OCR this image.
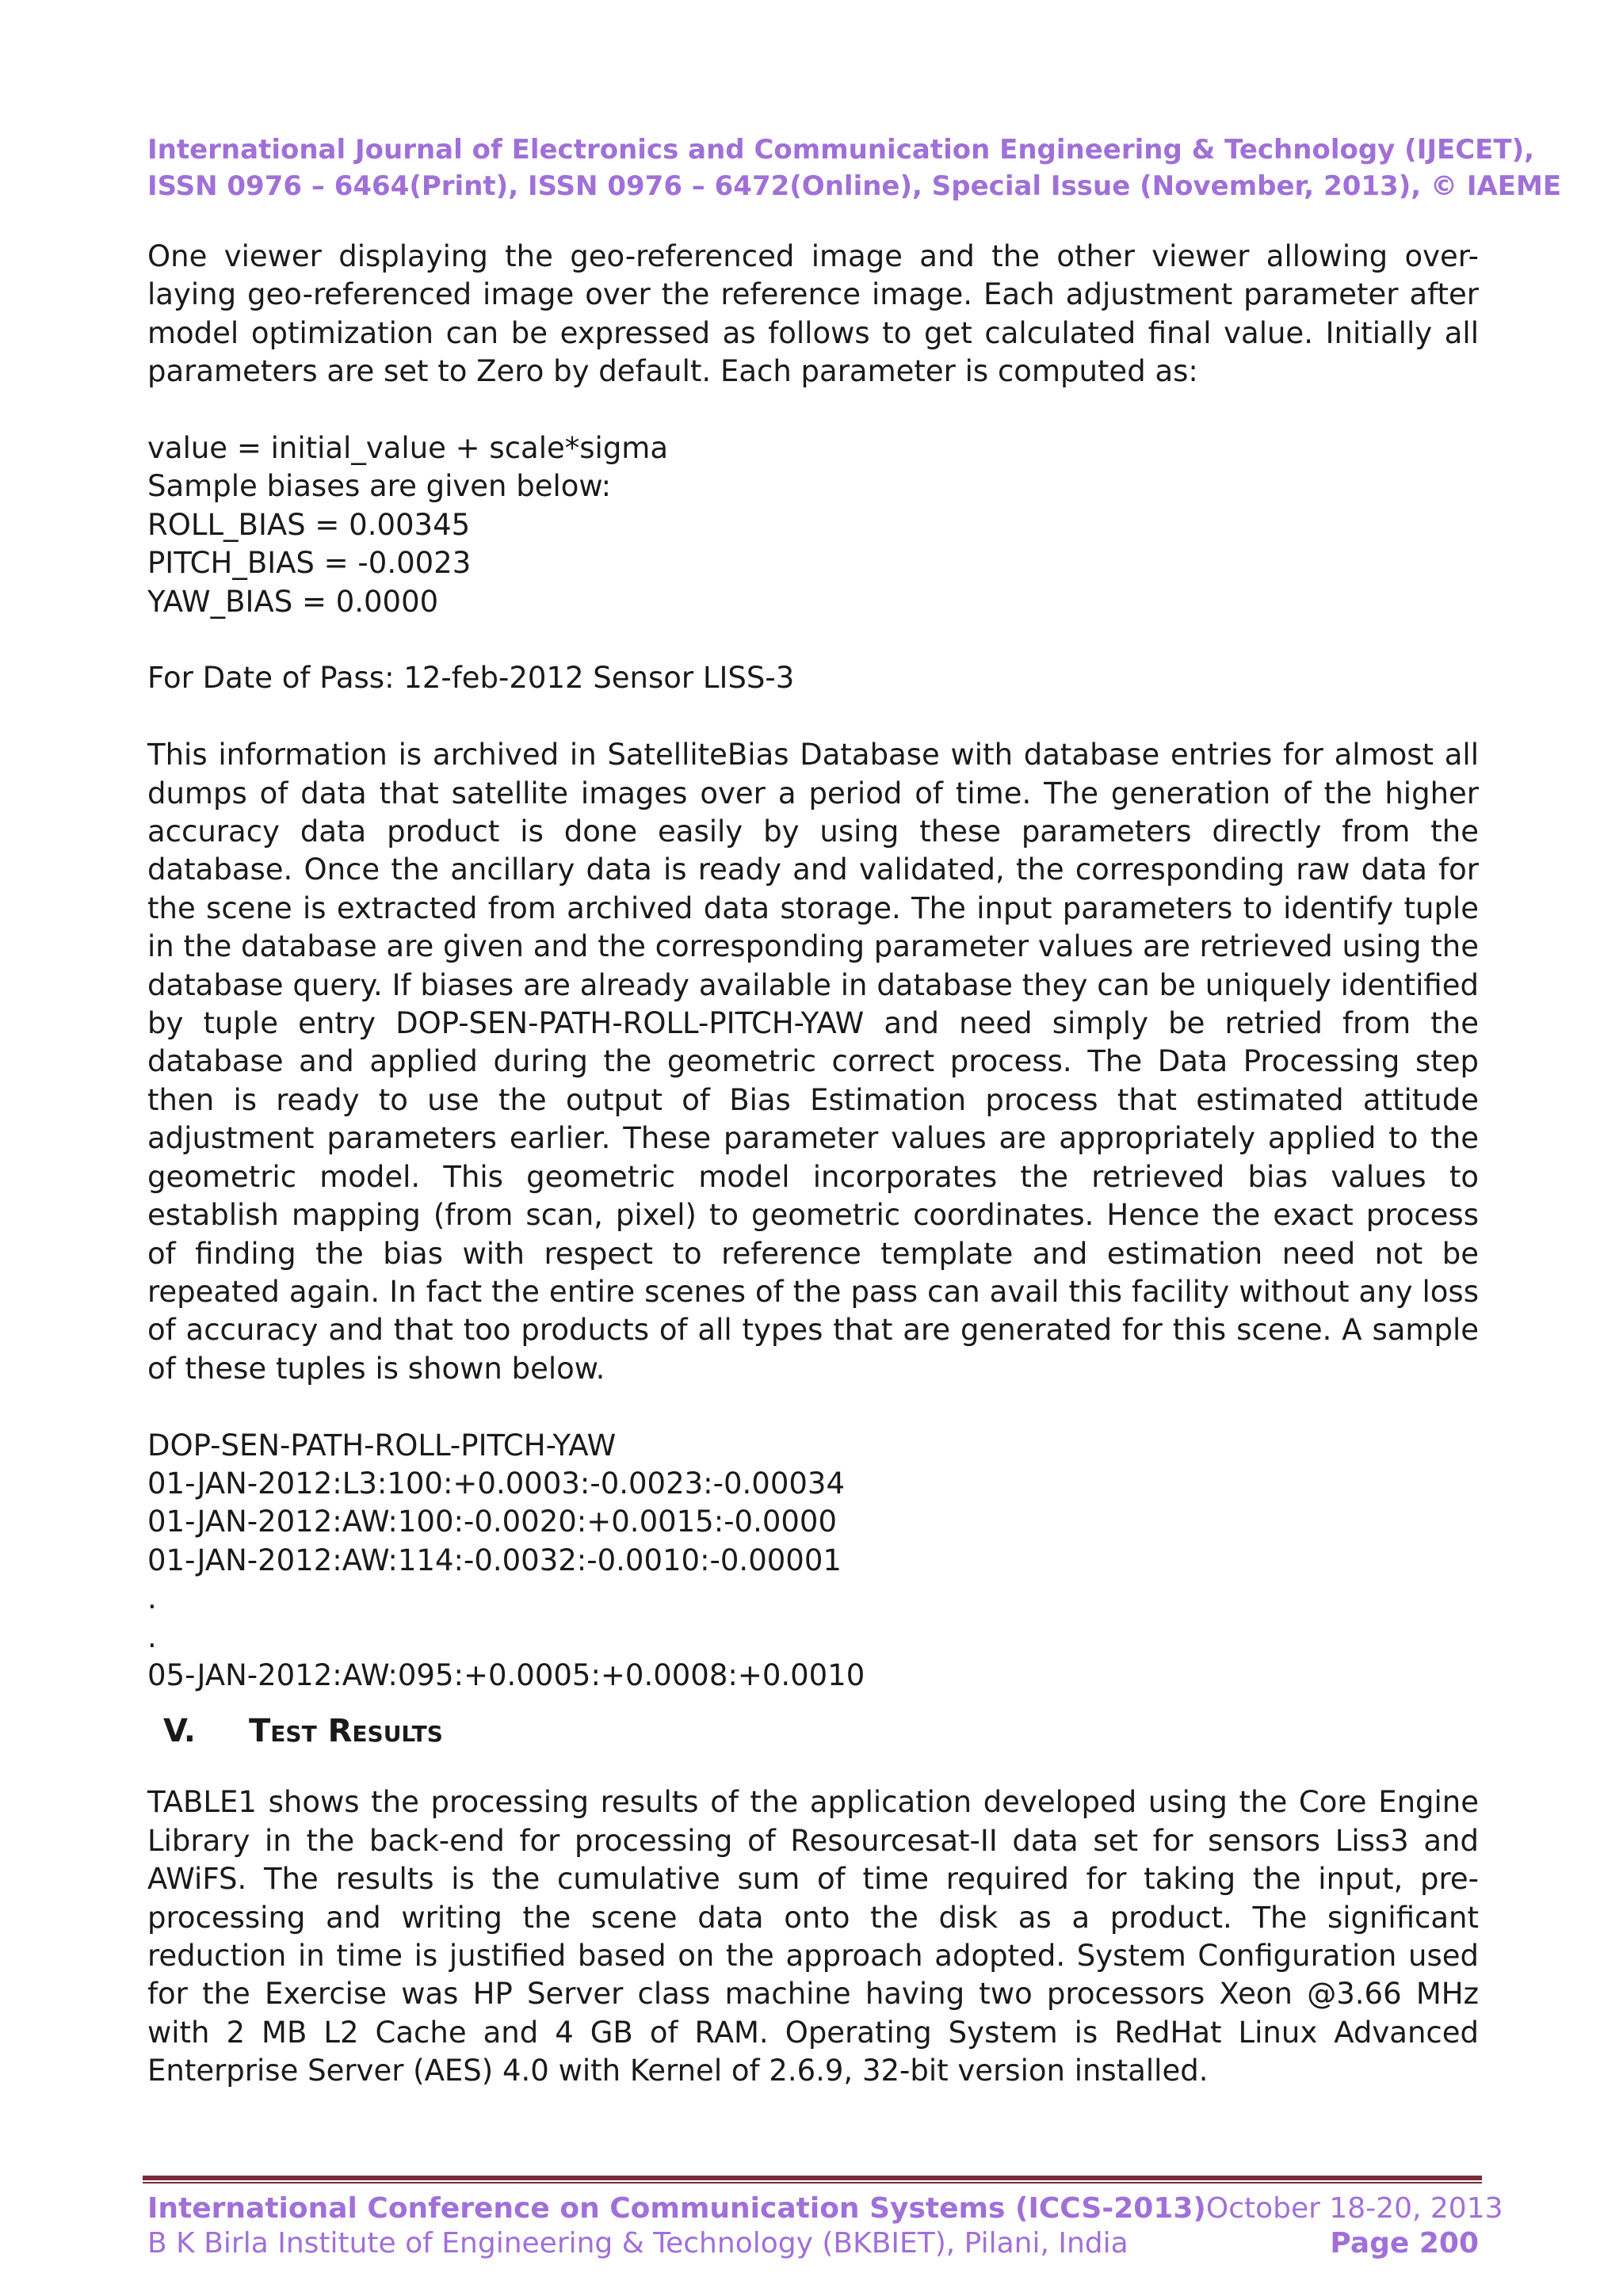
International Journal of Electronics and Communication Engineering & Technology (IJECET),
ISSN 0976 – 6464(Print), ISSN 0976 – 6472(Online), Special Issue (November, 2013), © IAEME

One viewer displaying the geo-referenced image and the other viewer allowing over-laying geo-referenced image over the reference image. Each adjustment parameter after model optimization can be expressed as follows to get calculated final value. Initially all parameters are set to Zero by default. Each parameter is computed as:

value = initial_value + scale*sigma

Sample biases are given below:

ROLL_BIAS = 0.00345

PITCH_BIAS = -0.0023

YAW_BIAS = 0.0000

For Date of Pass: 12-feb-2012 Sensor LISS-3

This information is archived in SatelliteBias Database with database entries for almost all dumps of data that satellite images over a period of time. The generation of the higher accuracy data product is done easily by using these parameters directly from the database. Once the ancillary data is ready and validated, the corresponding raw data for the scene is extracted from archived data storage. The input parameters to identify tuple in the database are given and the corresponding parameter values are retrieved using the database query. If biases are already available in database they can be uniquely identified by tuple entry DOP-SEN-PATH-ROLL-PITCH-YAW and need simply be retried from the database and applied during the geometric correct process. The Data Processing step then is ready to use the output of Bias Estimation process that estimated attitude adjustment parameters earlier. These parameter values are appropriately applied to the geometric model. This geometric model incorporates the retrieved bias values to establish mapping (from scan, pixel) to geometric coordinates. Hence the exact process of finding the bias with respect to reference template and estimation need not be repeated again. In fact the entire scenes of the pass can avail this facility without any loss of accuracy and that too products of all types that are generated for this scene. A sample of these tuples is shown below.

DOP-SEN-PATH-ROLL-PITCH-YAW

01-JAN-2012:L3:100:+0.0003:-0.0023:-0.00034

01-JAN-2012:AW:100:-0.0020:+0.0015:-0.0000

01-JAN-2012:AW:114:-0.0032:-0.0010:-0.00001

.

.

05-JAN-2012:AW:095:+0.0005:+0.0008:+0.0010

V.	Test Results

TABLE1 shows the processing results of the application developed using the Core Engine Library in the back-end for processing of Resourcesat-II data set for sensors Liss3 and AWiFS. The results is the cumulative sum of time required for taking the input, pre-processing and writing the scene data onto the disk as a product. The significant reduction in time is justified based on the approach adopted. System Configuration used for the Exercise was HP Server class machine having two processors Xeon @3.66 MHz with 2 MB L2 Cache and 4 GB of RAM. Operating System is RedHat Linux Advanced Enterprise Server (AES) 4.0 with Kernel of 2.6.9, 32-bit version installed.

International Conference on Communication Systems (ICCS-2013) October 18-20, 2013
B K Birla Institute of Engineering & Technology (BKBIET), Pilani, India	Page 200
